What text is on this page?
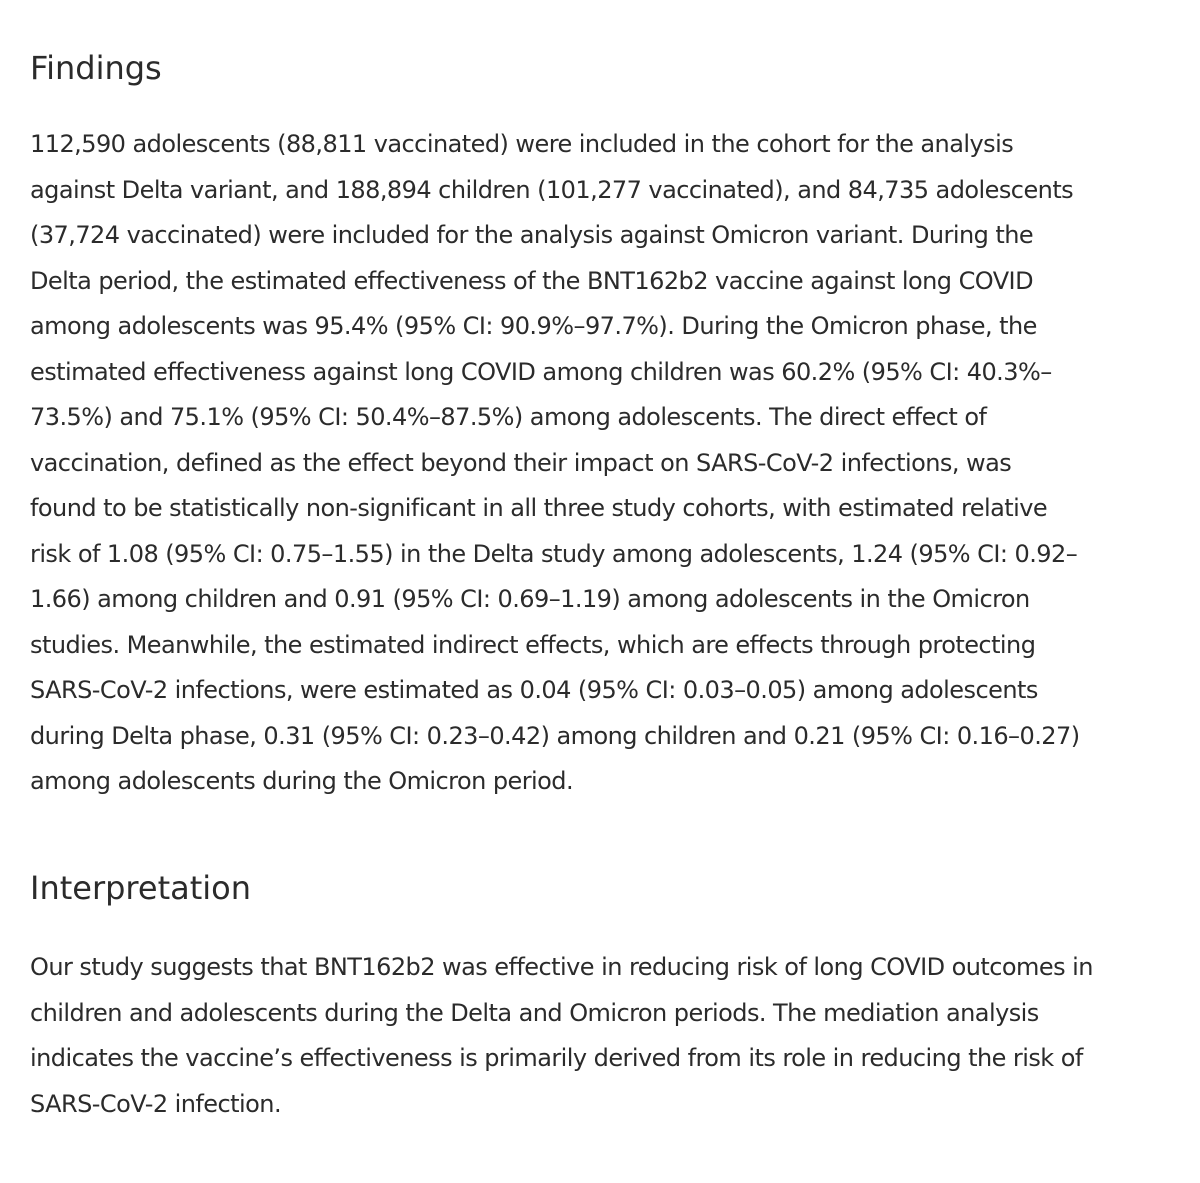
Findings

112,590 adolescents (88,811 vaccinated) were included in the cohort for the analysis
against Delta variant, and 188,894 children (101,277 vaccinated), and 84,735 adolescents
(37,724 vaccinated) were included for the analysis against Omicron variant. During the
Delta period, the estimated effectiveness of the BNT162b2 vaccine against long COVID
among adolescents was 95.4% (95% CI: 90.9%–97.7%). During the Omicron phase, the
estimated effectiveness against long COVID among children was 60.2% (95% CI: 40.3%–
73.5%) and 75.1% (95% CI: 50.4%–87.5%) among adolescents. The direct effect of
vaccination, defined as the effect beyond their impact on SARS-CoV-2 infections, was
found to be statistically non-significant in all three study cohorts, with estimated relative
risk of 1.08 (95% CI: 0.75–1.55) in the Delta study among adolescents, 1.24 (95% CI: 0.92–
1.66) among children and 0.91 (95% CI: 0.69–1.19) among adolescents in the Omicron
studies. Meanwhile, the estimated indirect effects, which are effects through protecting
SARS-CoV-2 infections, were estimated as 0.04 (95% CI: 0.03–0.05) among adolescents
during Delta phase, 0.31 (95% CI: 0.23–0.42) among children and 0.21 (95% CI: 0.16–0.27)
among adolescents during the Omicron period.

Interpretation

Our study suggests that BNT162b2 was effective in reducing risk of long COVID outcomes in
children and adolescents during the Delta and Omicron periods. The mediation analysis
indicates the vaccine’s effectiveness is primarily derived from its role in reducing the risk of
SARS-CoV-2 infection.
